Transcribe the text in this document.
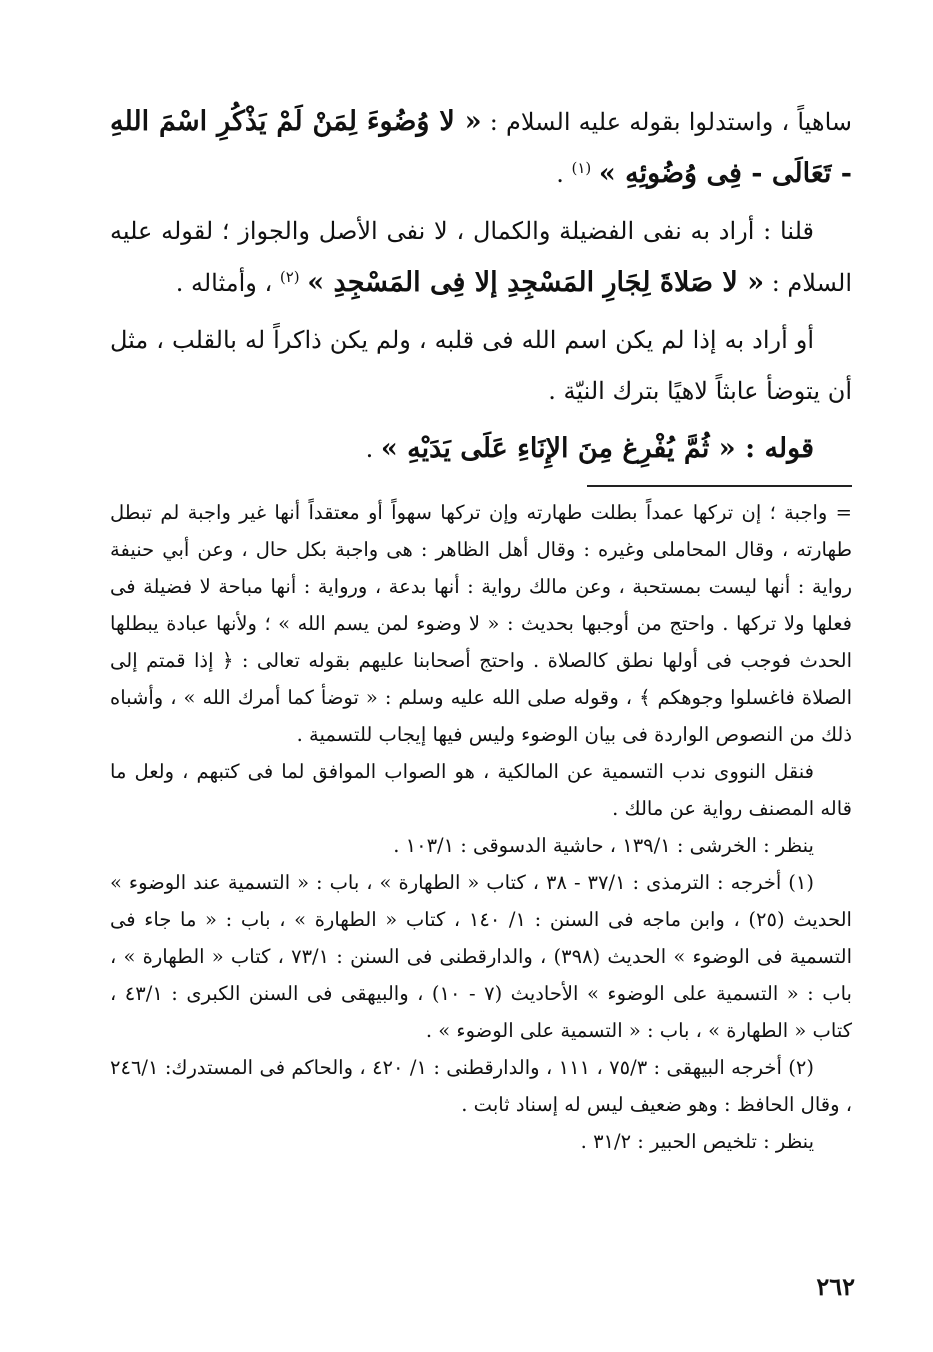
ساهياً ، واستدلوا بقوله عليه السلام : « لا وُضُوءَ لِمَنْ لَمْ يَذْكُرِ اسْمَ اللهِ - تَعَالَى - فِى وُضُوئِهِ » $^{(١)}$ .

قلنا : أراد به نفى الفضيلة والكمال ، لا نفى الأصل والجواز ؛ لقوله عليه السلام : « لا صَلاةَ لِجَارِ المَسْجِدِ إلا فِى المَسْجِدِ » $^{(٢)}$ ، وأمثاله .

أو أراد به إذا لم يكن اسم الله فى قلبه ، ولم يكن ذاكراً له بالقلب ، مثل أن يتوضأ عابثاً لاهيًا بترك النيّة .

قوله : « ثُمَّ يُفْرِغ مِنَ الإِنَاءِ عَلَى يَدَيْهِ » .

= واجبة ؛ إن تركها عمداً بطلت طهارته وإن تركها سهواً أو معتقداً أنها غير واجبة لم تبطل طهارته ، وقال المحاملى وغيره : وقال أهل الظاهر : هى واجبة بكل حال ، وعن أبي حنيفة رواية : أنها ليست بمستحبة ، وعن مالك رواية : أنها بدعة ، ورواية : أنها مباحة لا فضيلة فى فعلها ولا تركها . واحتج من أوجبها بحديث : « لا وضوء لمن يسم الله » ؛ ولأنها عبادة يبطلها الحدث فوجب فى أولها نطق كالصلاة . واحتج أصحابنا عليهم بقوله تعالى : ﴿ إذا قمتم إلى الصلاة فاغسلوا وجوهكم ﴾ ، وقوله صلى الله عليه وسلم : « توضأ كما أمرك الله » ، وأشباه ذلك من النصوص الواردة فى بيان الوضوء وليس فيها إيجاب للتسمية .

فنقل النووى ندب التسمية عن المالكية ، هو الصواب الموافق لما فى كتبهم ، ولعل ما قاله المصنف رواية عن مالك .

ينظر : الخرشى : ١٣٩/١ ، حاشية الدسوقى : ١٠٣/١ .

(١) أخرجه : الترمذى : ٣٧/١ - ٣٨ ، كتاب « الطهارة » ، باب : « التسمية عند الوضوء » الحديث (٢٥) ، وابن ماجه فى السنن : ١/ ١٤٠ ، كتاب « الطهارة » ، باب : « ما جاء فى التسمية فى الوضوء » الحديث (٣٩٨) ، والدارقطنى فى السنن : ٧٣/١ ، كتاب « الطهارة » ، باب : « التسمية على الوضوء » الأحاديث (٧ - ١٠) ، والبيهقى فى السنن الكبرى : ٤٣/١ ، كتاب « الطهارة » ، باب : « التسمية على الوضوء » .

(٢) أخرجه البيهقى : ٧٥/٣ ، ١١١ ، والدارقطنى : ١/ ٤٢٠ ، والحاكم فى المستدرك: ٢٤٦/١ ، وقال الحافظ : وهو ضعيف ليس له إسناد ثابت .

ينظر : تلخيص الحبير : ٣١/٢ .

٢٦٢
